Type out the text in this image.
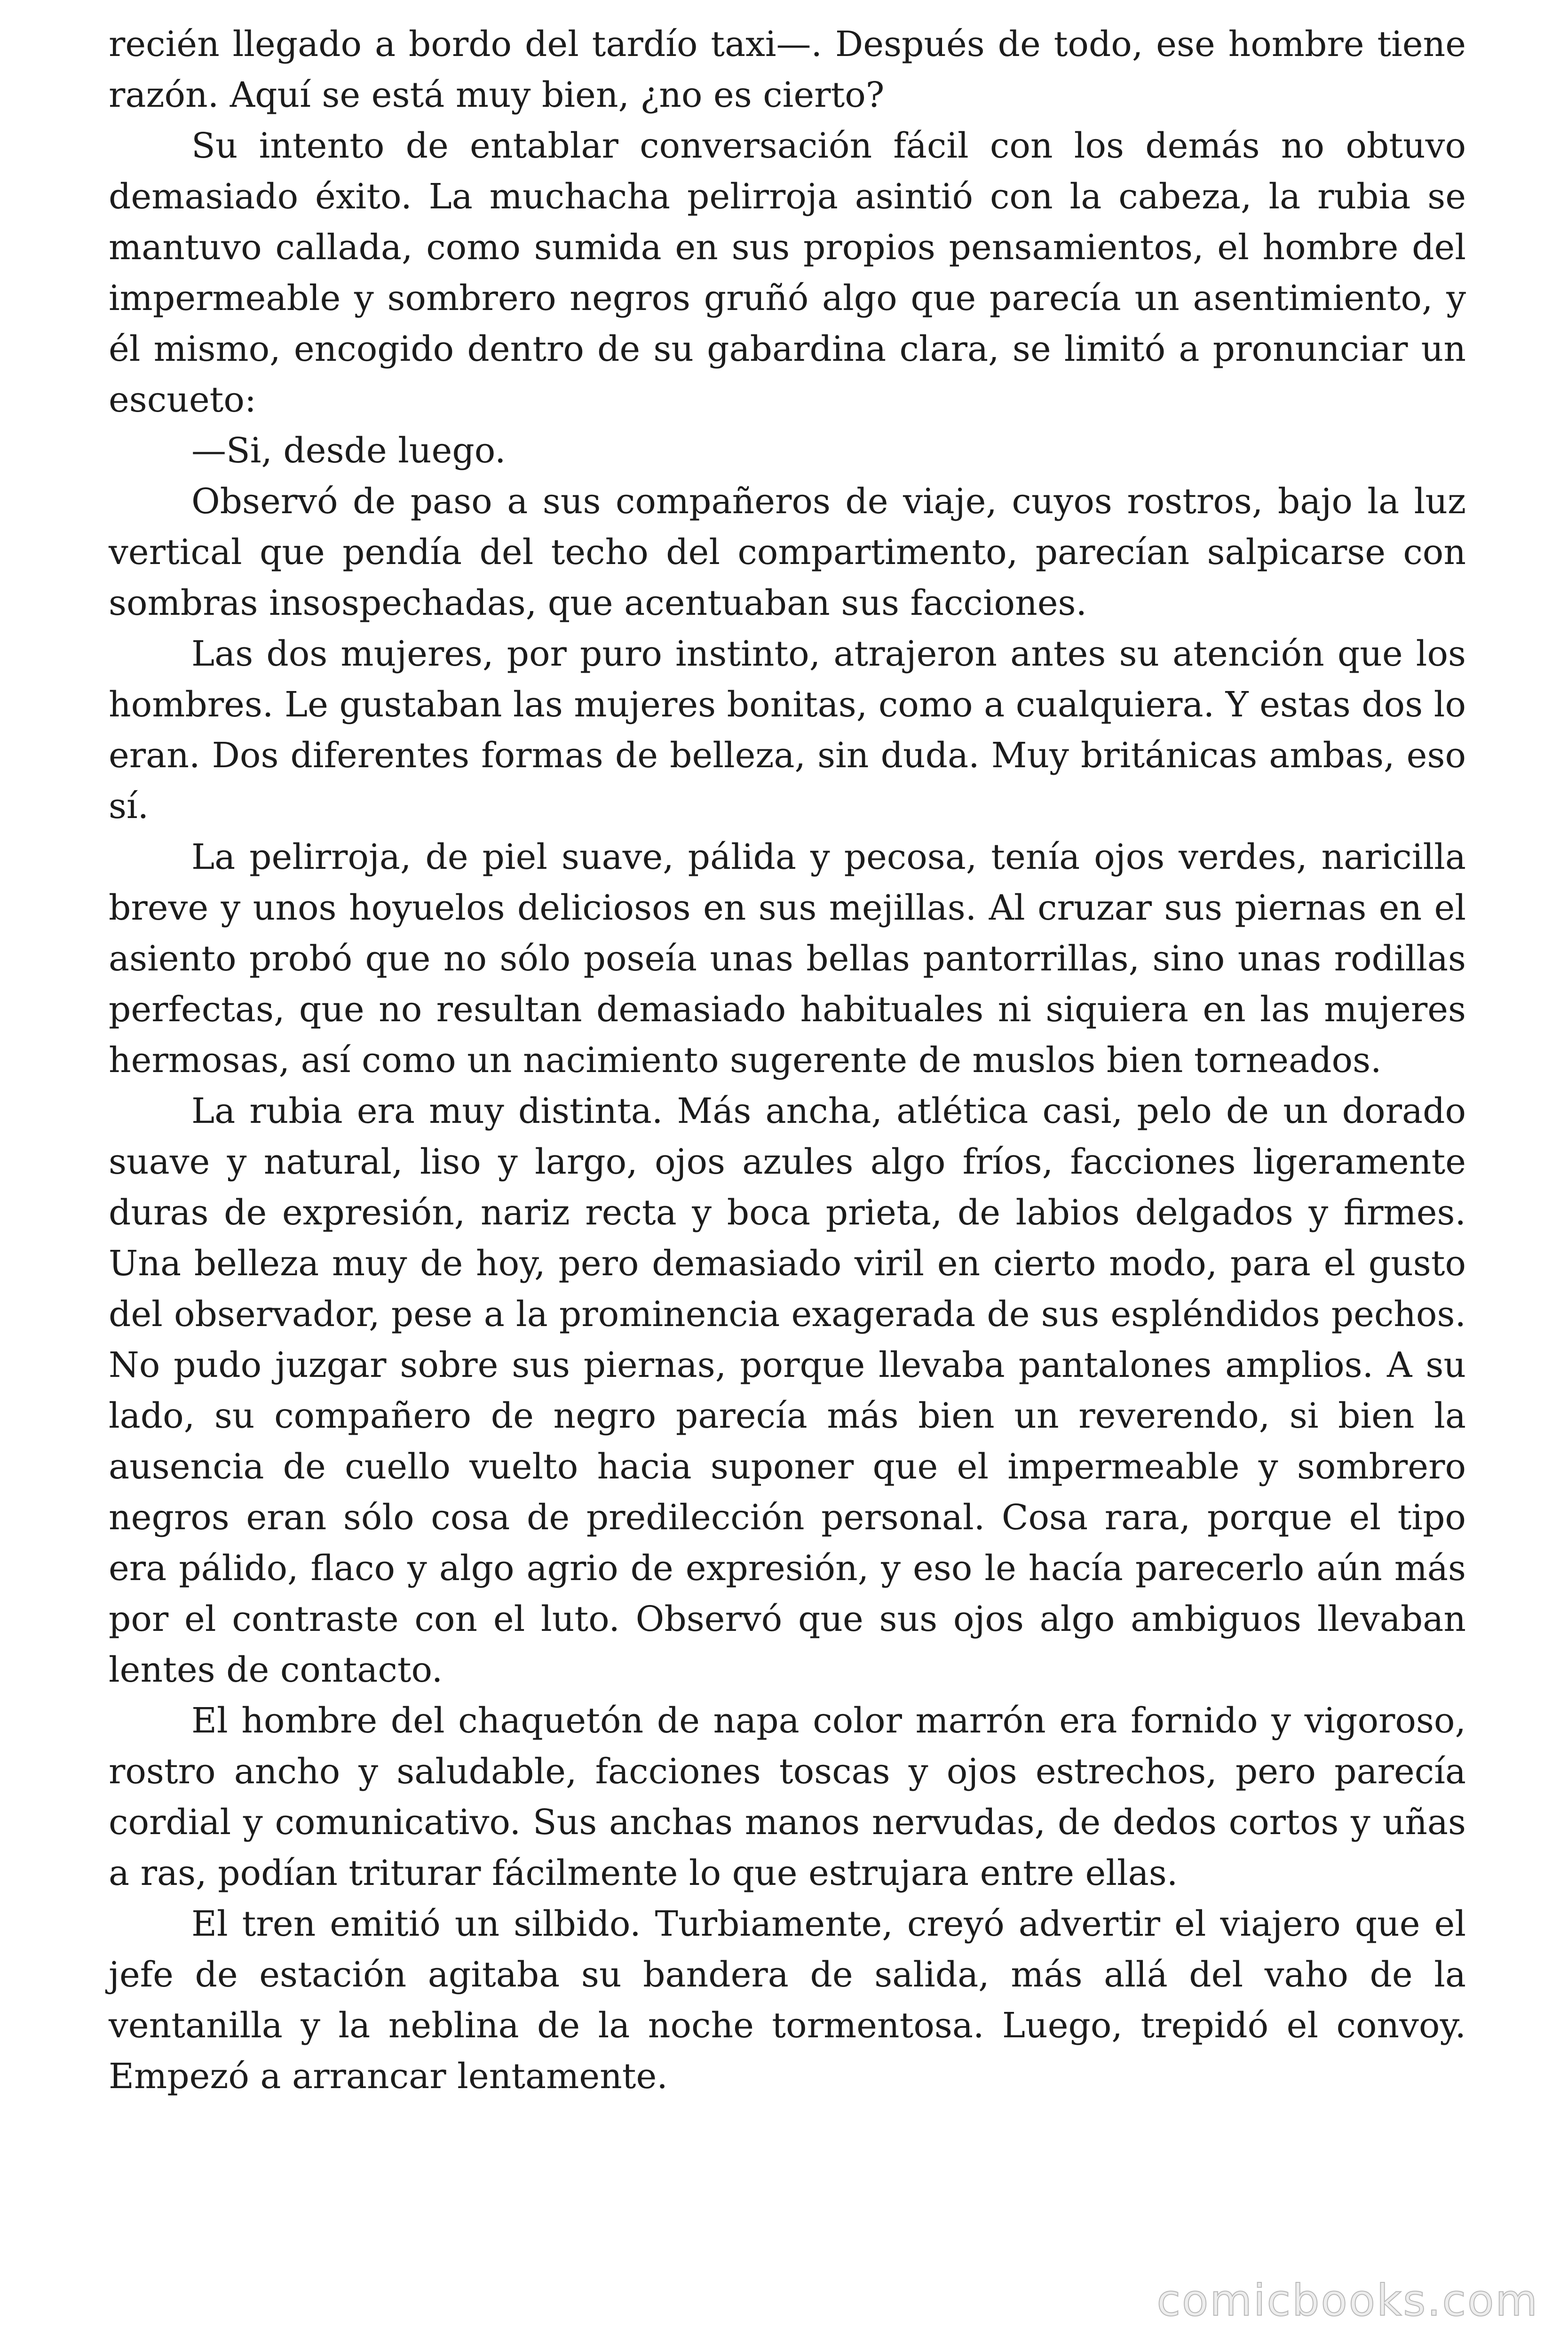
recién llegado a bordo del tardío taxi—. Después de todo, ese hombre tiene razón. Aquí se está muy bien, ¿no es cierto?

Su intento de entablar conversación fácil con los demás no obtuvo demasiado éxito. La muchacha pelirroja asintió con la cabeza, la rubia se mantuvo callada, como sumida en sus propios pensamientos, el hombre del impermeable y sombrero negros gruñó algo que parecía un asentimiento, y él mismo, encogido dentro de su gabardina clara, se limitó a pronunciar un escueto:

—Si, desde luego.

Observó de paso a sus compañeros de viaje, cuyos rostros, bajo la luz vertical que pendía del techo del compartimento, parecían salpicarse con sombras insospechadas, que acentuaban sus facciones.

Las dos mujeres, por puro instinto, atrajeron antes su atención que los hombres. Le gustaban las mujeres bonitas, como a cualquiera. Y estas dos lo eran. Dos diferentes formas de belleza, sin duda. Muy británicas ambas, eso sí.

La pelirroja, de piel suave, pálida y pecosa, tenía ojos verdes, naricilla breve y unos hoyuelos deliciosos en sus mejillas. Al cruzar sus piernas en el asiento probó que no sólo poseía unas bellas pantorrillas, sino unas rodillas perfectas, que no resultan demasiado habituales ni siquiera en las mujeres hermosas, así como un nacimiento sugerente de muslos bien torneados.

La rubia era muy distinta. Más ancha, atlética casi, pelo de un dorado suave y natural, liso y largo, ojos azules algo fríos, facciones ligeramente duras de expresión, nariz recta y boca prieta, de labios delgados y firmes. Una belleza muy de hoy, pero demasiado viril en cierto modo, para el gusto del observador, pese a la prominencia exagerada de sus espléndidos pechos. No pudo juzgar sobre sus piernas, porque llevaba pantalones amplios. A su lado, su compañero de negro parecía más bien un reverendo, si bien la ausencia de cuello vuelto hacia suponer que el impermeable y sombrero negros eran sólo cosa de predilección personal. Cosa rara, porque el tipo era pálido, flaco y algo agrio de expresión, y eso le hacía parecerlo aún más por el contraste con el luto. Observó que sus ojos algo ambiguos llevaban lentes de contacto.

El hombre del chaquetón de napa color marrón era fornido y vigoroso, rostro ancho y saludable, facciones toscas y ojos estrechos, pero parecía cordial y comunicativo. Sus anchas manos nervudas, de dedos cortos y uñas a ras, podían triturar fácilmente lo que estrujara entre ellas.

El tren emitió un silbido. Turbiamente, creyó advertir el viajero que el jefe de estación agitaba su bandera de salida, más allá del vaho de la ventanilla y la neblina de la noche tormentosa. Luego, trepidó el convoy. Empezó a arrancar lentamente.

comicbooks.com
